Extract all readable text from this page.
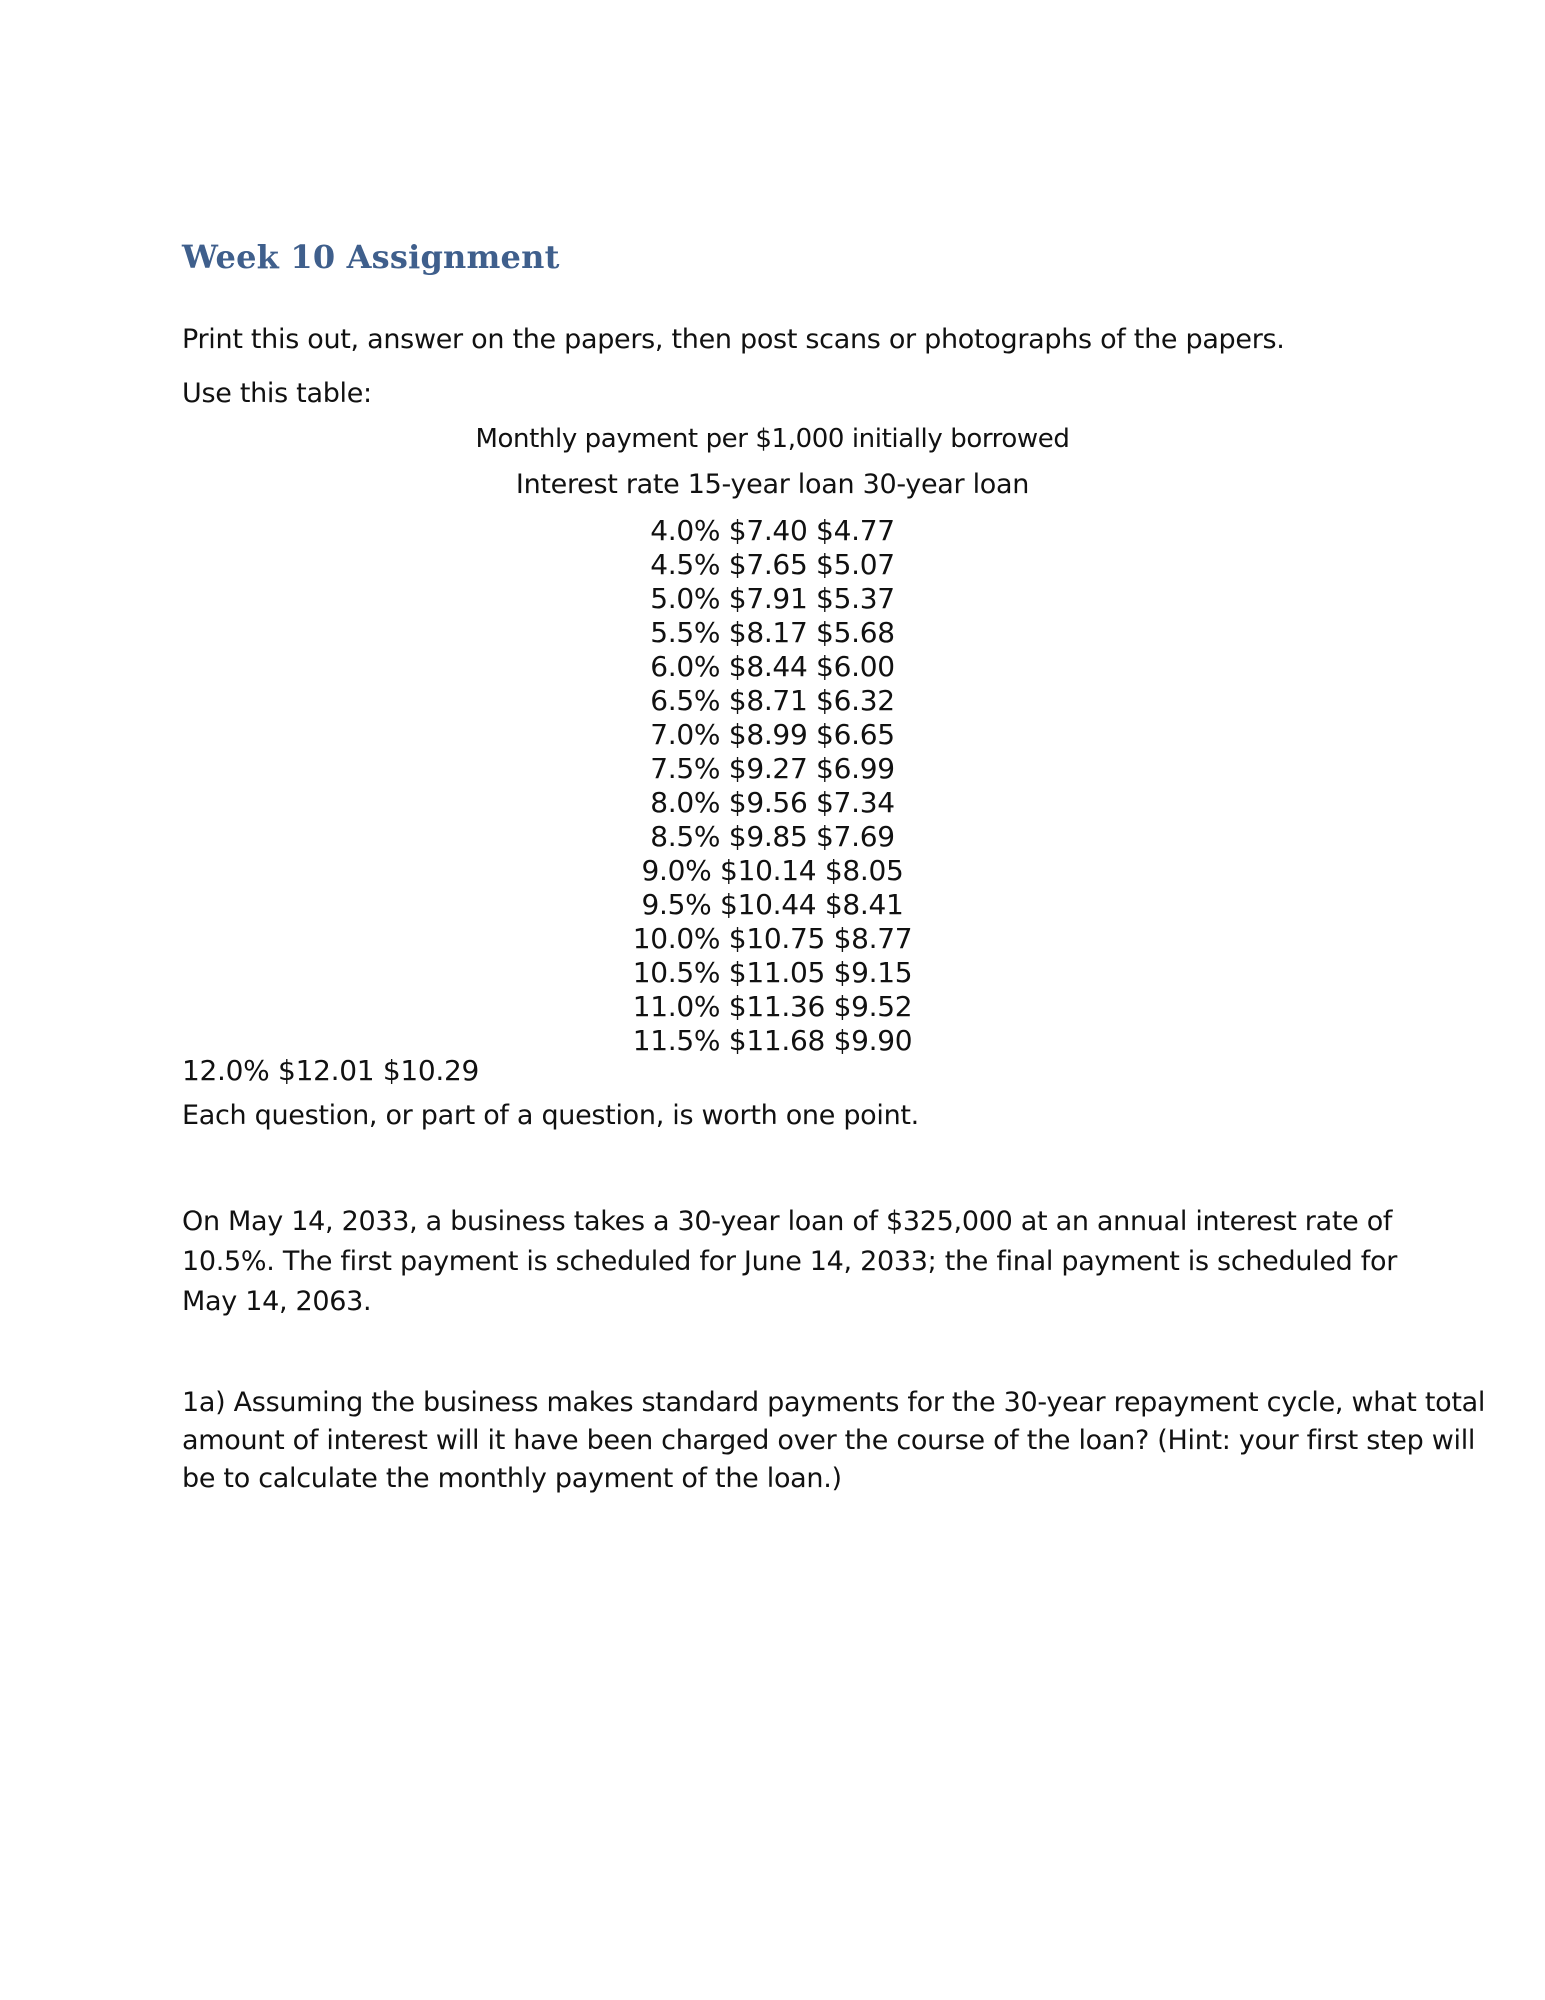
Week 10 Assignment

Print this out, answer on the papers, then post scans or photographs of the papers.

Use this table:

Monthly payment per $1,000 initially borrowed
Interest rate 15-year loan 30-year loan
4.0% $7.40 $4.77
4.5% $7.65 $5.07
5.0% $7.91 $5.37
5.5% $8.17 $5.68
6.0% $8.44 $6.00
6.5% $8.71 $6.32
7.0% $8.99 $6.65
7.5% $9.27 $6.99
8.0% $9.56 $7.34
8.5% $9.85 $7.69
9.0% $10.14 $8.05
9.5% $10.44 $8.41
10.0% $10.75 $8.77
10.5% $11.05 $9.15
11.0% $11.36 $9.52
11.5% $11.68 $9.90

12.0% $12.01 $10.29

Each question, or part of a question, is worth one point.

On May 14, 2033, a business takes a 30-year loan of $325,000 at an annual interest rate of 10.5%. The first payment is scheduled for June 14, 2033; the final payment is scheduled for May 14, 2063.

1a) Assuming the business makes standard payments for the 30-year repayment cycle, what total amount of interest will it have been charged over the course of the loan? (Hint: your first step will be to calculate the monthly payment of the loan.)
